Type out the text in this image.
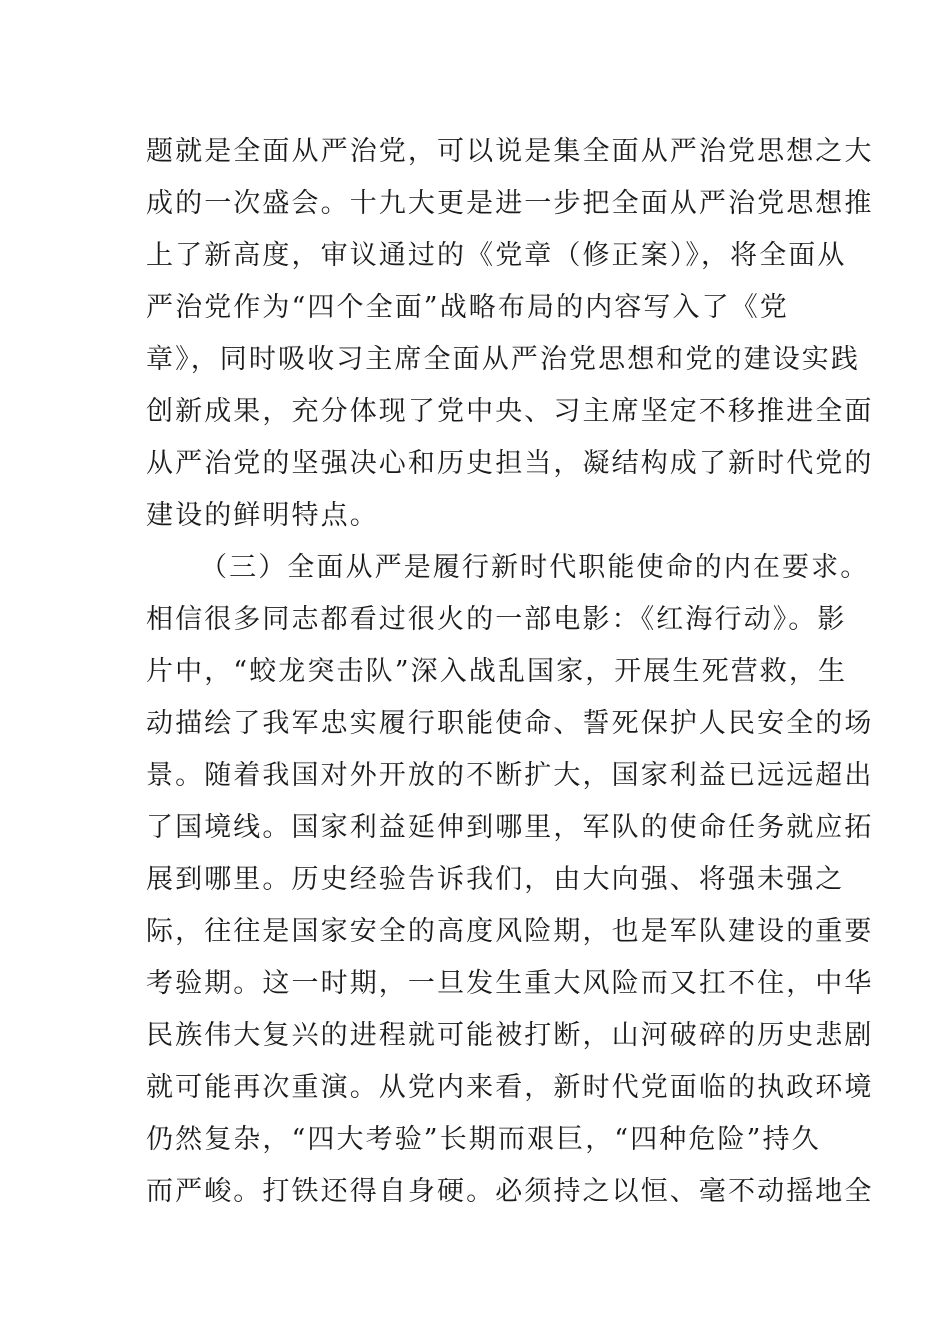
题就是全面从严治党，可以说是集全面从严治党思想之大
成的一次盛会。十九大更是进一步把全面从严治党思想推
上了新高度，审议通过的《党章（修正案）》，将全面从
严治党作为“四个全面”战略布局的内容写入了《党
章》，同时吸收习主席全面从严治党思想和党的建设实践
创新成果，充分体现了党中央、习主席坚定不移推进全面
从严治党的坚强决心和历史担当，凝结构成了新时代党的
建设的鲜明特点。
（三）全面从严是履行新时代职能使命的内在要求。
相信很多同志都看过很火的一部电影：《红海行动》。影
片中，“蛟龙突击队”深入战乱国家，开展生死营救，生
动描绘了我军忠实履行职能使命、誓死保护人民安全的场
景。随着我国对外开放的不断扩大，国家利益已远远超出
了国境线。国家利益延伸到哪里，军队的使命任务就应拓
展到哪里。历史经验告诉我们，由大向强、将强未强之
际，往往是国家安全的高度风险期，也是军队建设的重要
考验期。这一时期，一旦发生重大风险而又扛不住，中华
民族伟大复兴的进程就可能被打断，山河破碎的历史悲剧
就可能再次重演。从党内来看，新时代党面临的执政环境
仍然复杂，“四大考验”长期而艰巨，“四种危险”持久
而严峻。打铁还得自身硬。必须持之以恒、毫不动摇地全
